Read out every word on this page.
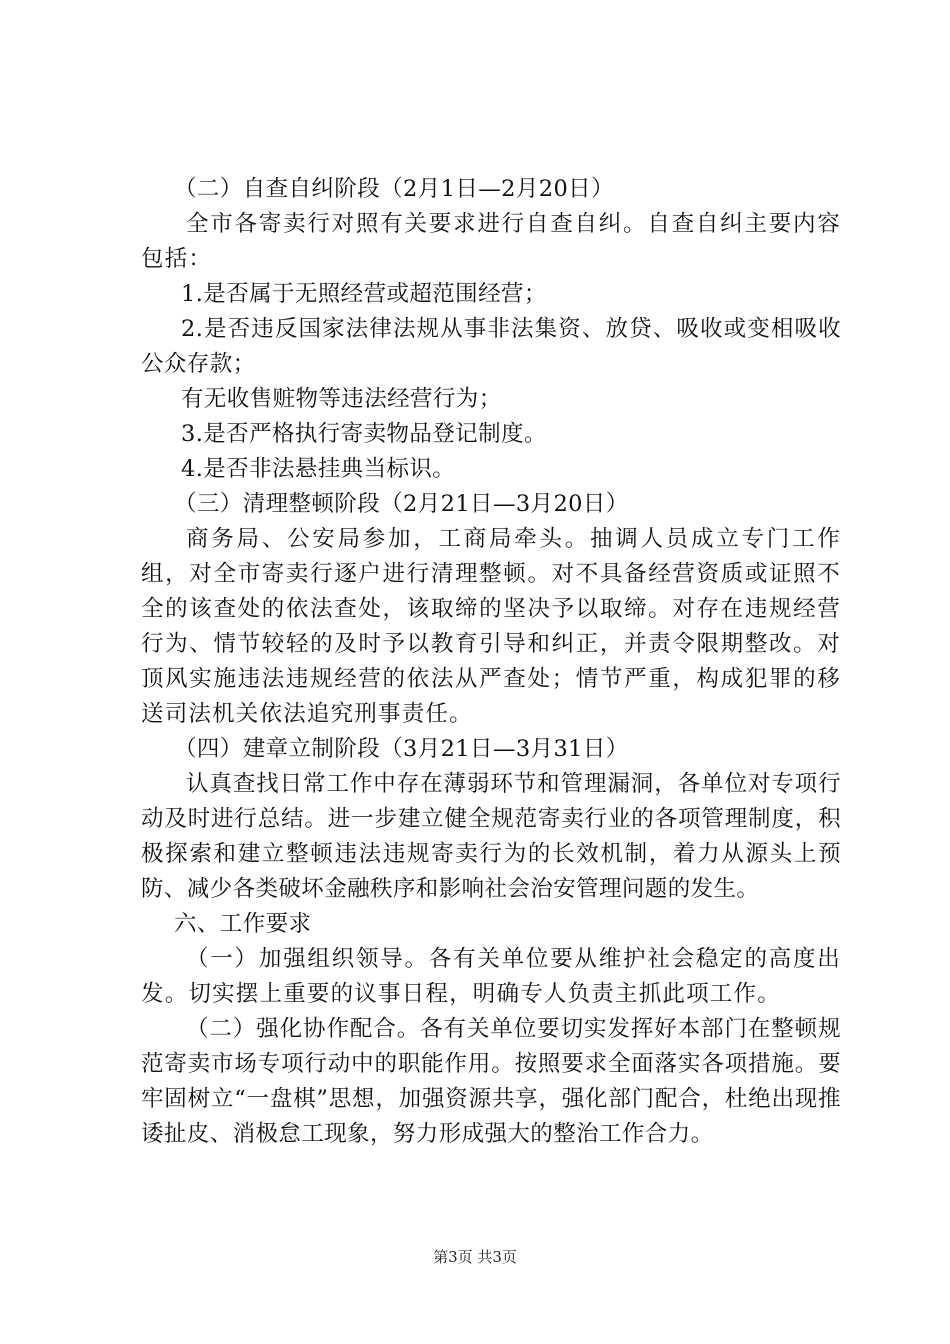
（二）自查自纠阶段（2月1日—2月20日）

全市各寄卖行对照有关要求进行自查自纠。自查自纠主要内容包括：

1.是否属于无照经营或超范围经营；

2.是否违反国家法律法规从事非法集资、放贷、吸收或变相吸收公众存款；

有无收售赃物等违法经营行为；

3.是否严格执行寄卖物品登记制度。

4.是否非法悬挂典当标识。

（三）清理整顿阶段（2月21日—3月20日）

商务局、公安局参加，工商局牵头。抽调人员成立专门工作组，对全市寄卖行逐户进行清理整顿。对不具备经营资质或证照不全的该查处的依法查处，该取缔的坚决予以取缔。对存在违规经营行为、情节较轻的及时予以教育引导和纠正，并责令限期整改。对顶风实施违法违规经营的依法从严查处；情节严重，构成犯罪的移送司法机关依法追究刑事责任。

（四）建章立制阶段（3月21日—3月31日）

认真查找日常工作中存在薄弱环节和管理漏洞，各单位对专项行动及时进行总结。进一步建立健全规范寄卖行业的各项管理制度，积极探索和建立整顿违法违规寄卖行为的长效机制，着力从源头上预防、减少各类破坏金融秩序和影响社会治安管理问题的发生。

六、工作要求

（一）加强组织领导。各有关单位要从维护社会稳定的高度出发。切实摆上重要的议事日程，明确专人负责主抓此项工作。

（二）强化协作配合。各有关单位要切实发挥好本部门在整顿规范寄卖市场专项行动中的职能作用。按照要求全面落实各项措施。要牢固树立“一盘棋”思想，加强资源共享，强化部门配合，杜绝出现推诿扯皮、消极怠工现象，努力形成强大的整治工作合力。

第3页 共3页
